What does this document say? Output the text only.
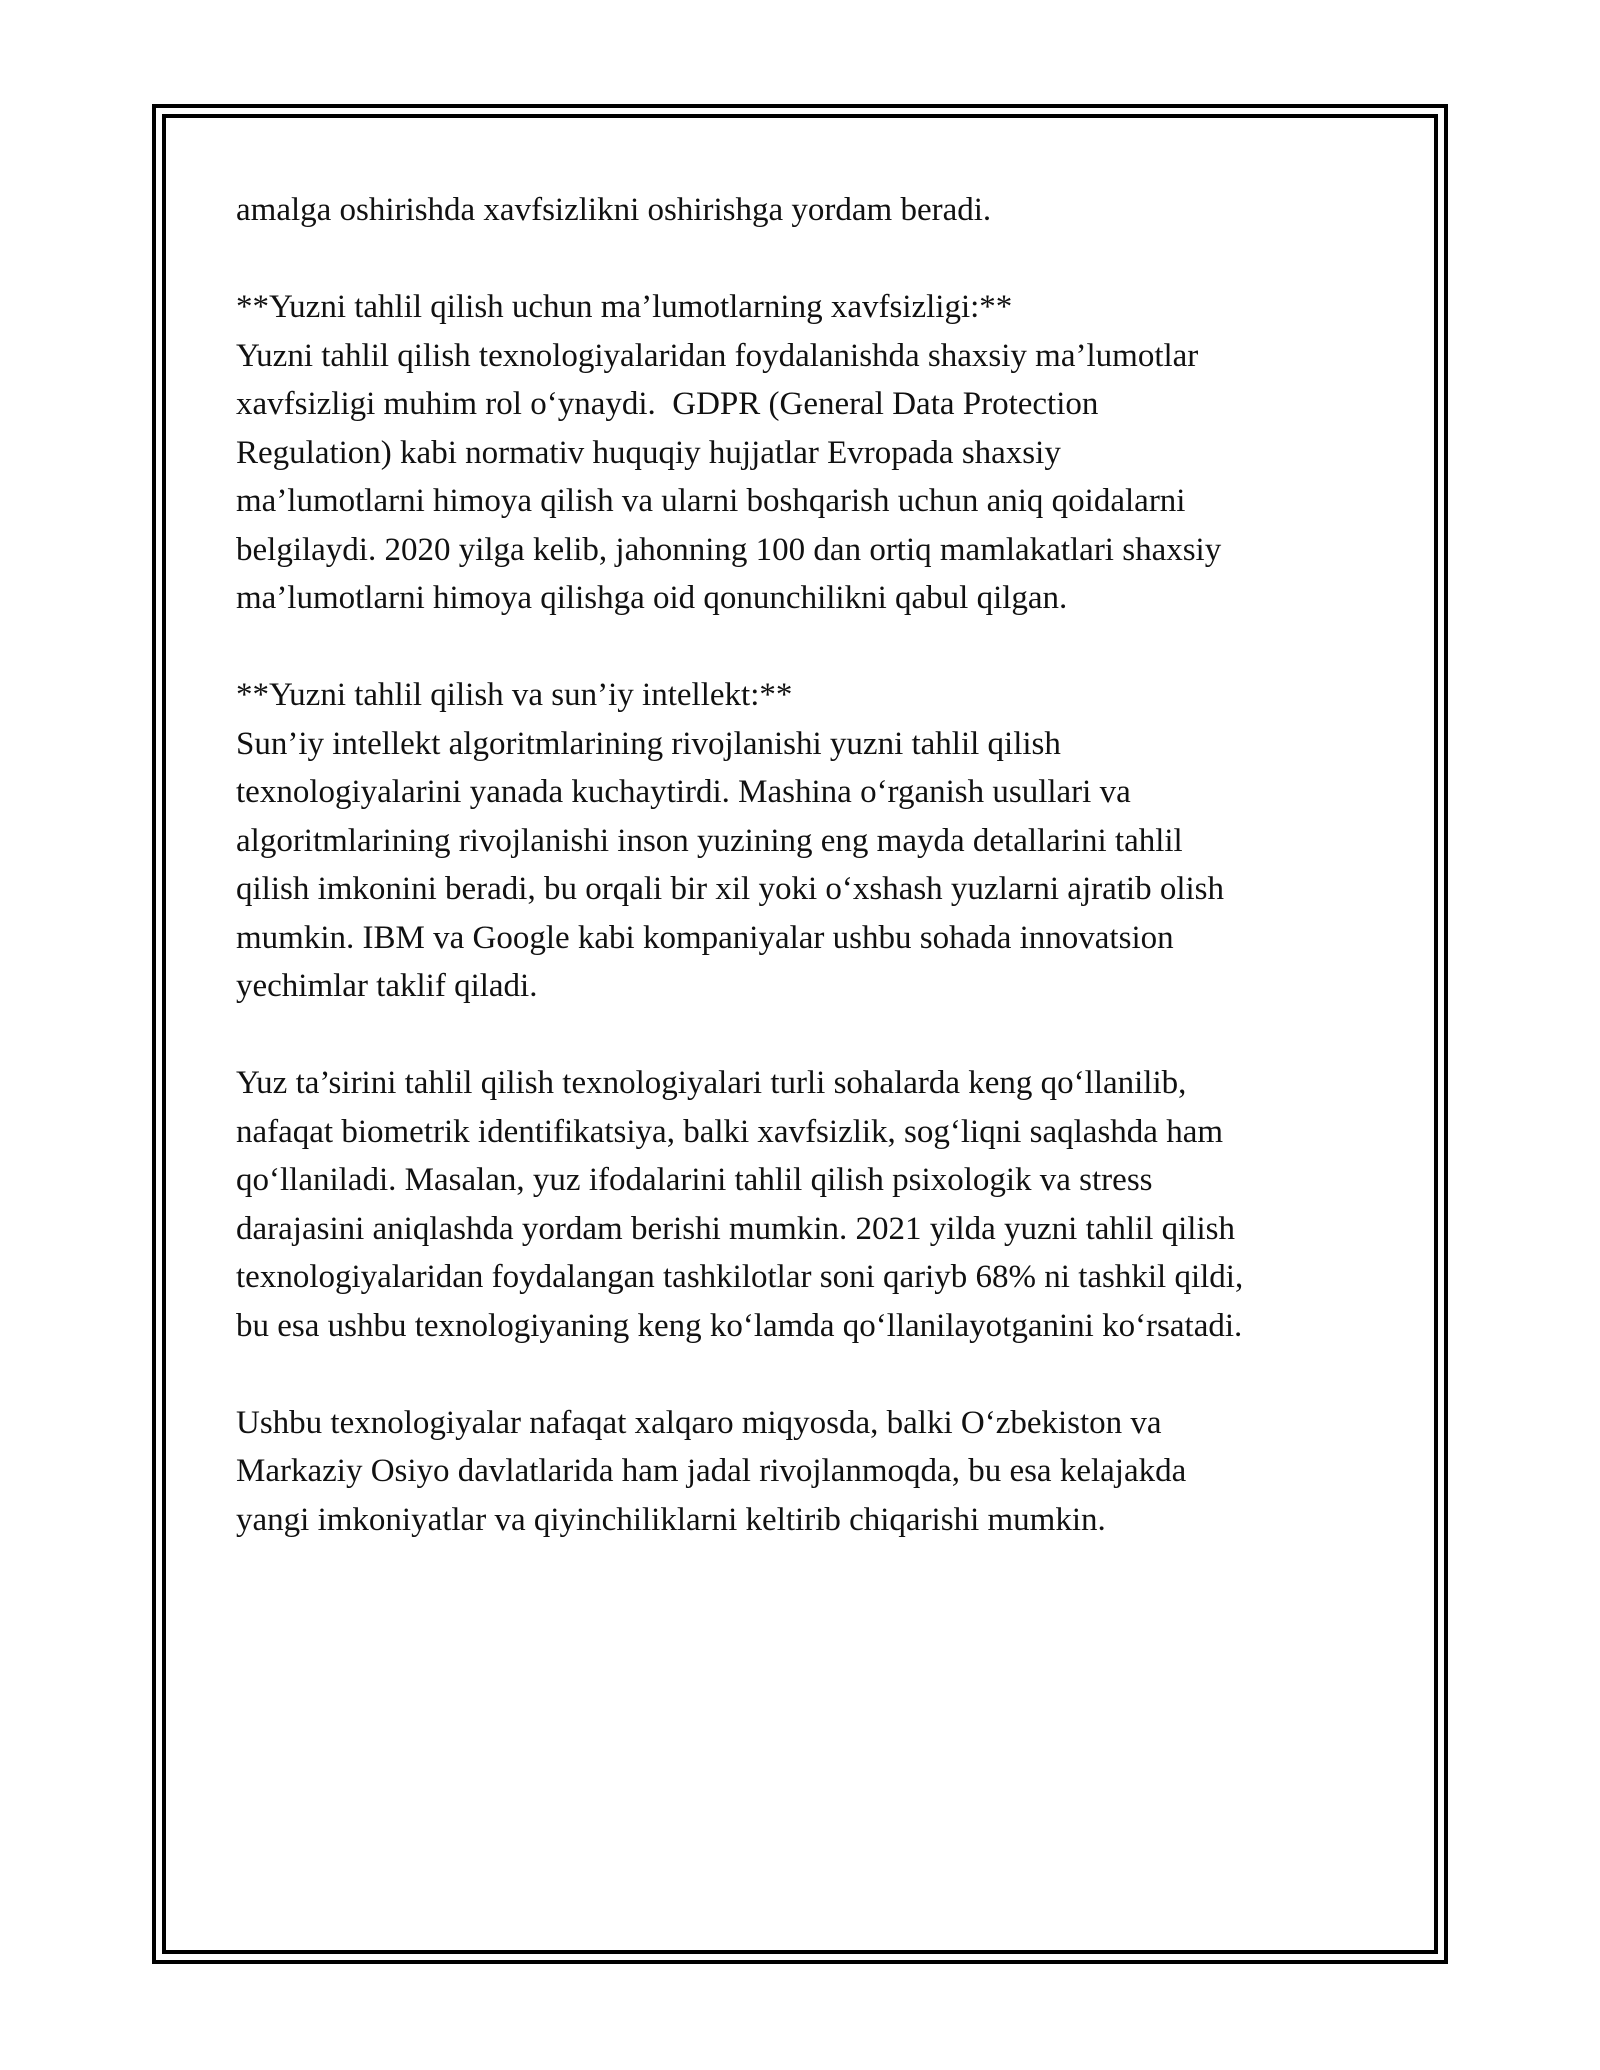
amalga oshirishda xavfsizlikni oshirishga yordam beradi.
**Yuzni tahlil qilish uchun ma’lumotlarning xavfsizligi:**
Yuzni tahlil qilish texnologiyalaridan foydalanishda shaxsiy ma’lumotlar
xavfsizligi muhim rol o‘ynaydi.  GDPR (General Data Protection
Regulation) kabi normativ huquqiy hujjatlar Evropada shaxsiy
ma’lumotlarni himoya qilish va ularni boshqarish uchun aniq qoidalarni
belgilaydi. 2020 yilga kelib, jahonning 100 dan ortiq mamlakatlari shaxsiy
ma’lumotlarni himoya qilishga oid qonunchilikni qabul qilgan.
**Yuzni tahlil qilish va sun’iy intellekt:**
Sun’iy intellekt algoritmlarining rivojlanishi yuzni tahlil qilish
texnologiyalarini yanada kuchaytirdi. Mashina o‘rganish usullari va
algoritmlarining rivojlanishi inson yuzining eng mayda detallarini tahlil
qilish imkonini beradi, bu orqali bir xil yoki o‘xshash yuzlarni ajratib olish
mumkin. IBM va Google kabi kompaniyalar ushbu sohada innovatsion
yechimlar taklif qiladi.
Yuz ta’sirini tahlil qilish texnologiyalari turli sohalarda keng qo‘llanilib,
nafaqat biometrik identifikatsiya, balki xavfsizlik, sog‘liqni saqlashda ham
qo‘llaniladi. Masalan, yuz ifodalarini tahlil qilish psixologik va stress
darajasini aniqlashda yordam berishi mumkin. 2021 yilda yuzni tahlil qilish
texnologiyalaridan foydalangan tashkilotlar soni qariyb 68% ni tashkil qildi,
bu esa ushbu texnologiyaning keng ko‘lamda qo‘llanilayotganini ko‘rsatadi.
Ushbu texnologiyalar nafaqat xalqaro miqyosda, balki O‘zbekiston va
Markaziy Osiyo davlatlarida ham jadal rivojlanmoqda, bu esa kelajakda
yangi imkoniyatlar va qiyinchiliklarni keltirib chiqarishi mumkin.
